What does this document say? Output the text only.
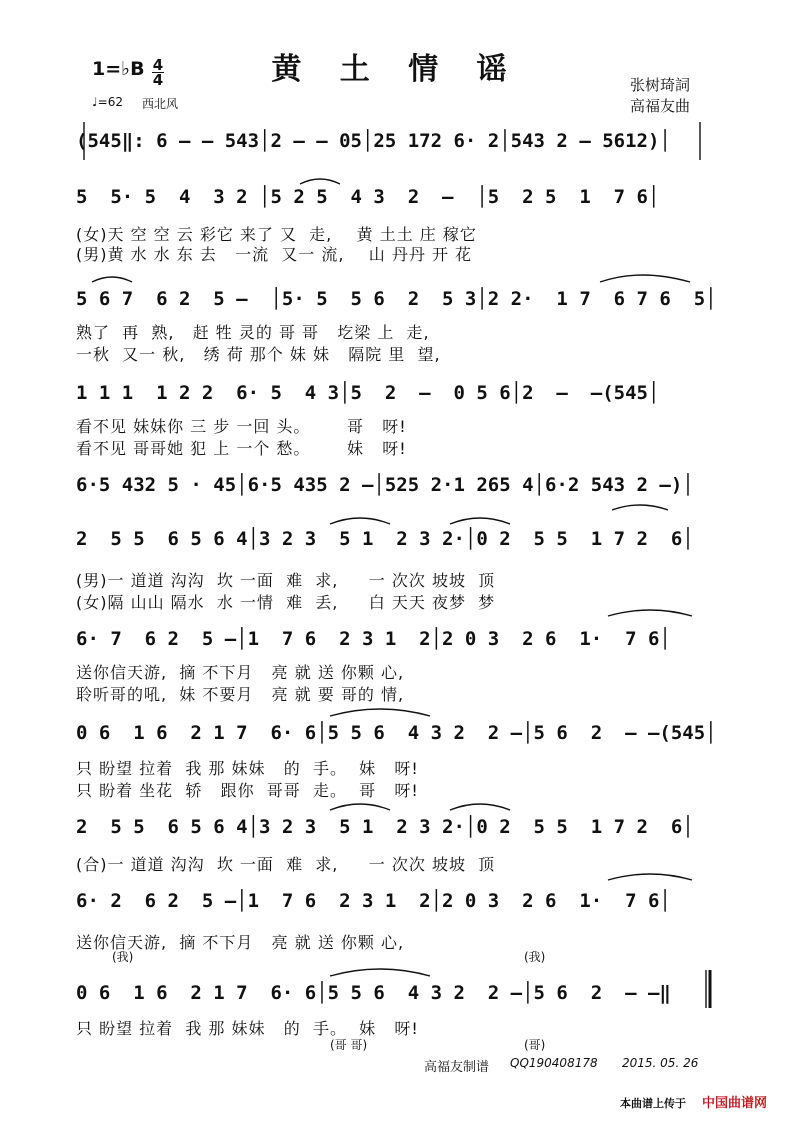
黄 土 情 谣
1=♭B 4
4
♩=62 西北风
张树琦詞
高福友曲
(545‖: 6 – – 543│2 – – 05│25 172 6· 2│543 2 – 5612)│
5  5· 5  4  3 2 │5 2 5  4 3  2  –  │5  2 5  1  7 6│
5 6 7  6 2  5 –  │5· 5  5 6  2  5 3│2 2·  1 7  6 7 6  5│
1 1 1  1 2 2  6· 5  4 3│5  2  –  0 5 6│2  –  –(545│
6·5 432 5 · 45│6·5 435 2 –│525 2·1 265 4│6·2 543 2 –)│
2  5 5  6 5 6 4│3 2 3  5 1  2 3 2·│0 2  5 5  1 7 2  6│
6· 7  6 2  5 –│1  7 6  2 3 1  2│2 0 3  2 6  1·  7 6│
0 6  1 6  2 1 7  6· 6│5 5 6  4 3 2  2 –│5 6  2  – –(545│
2  5 5  6 5 6 4│3 2 3  5 1  2 3 2·│0 2  5 5  1 7 2  6│
6· 2  6 2  5 –│1  7 6  2 3 1  2│2 0 3  2 6  1·  7 6│
0 6  1 6  2 1 7  6· 6│5 5 6  4 3 2  2 –│5 6  2  – –‖
(女)天 空 空 云 彩它 来了 又  走,    黄 土土 庄 稼它
(男)黄 水 水 东 去   一流  又一 流,    山 丹丹 开 花
熟了  再  熟,   赶 牲 灵的 哥 哥   圪梁 上  走,
一秋  又一 秋,   绣 荷 那个 妹 妹   隔院 里  望,
看不见 妹妹你 三 步 一回 头。      哥   呀!
看不见 哥哥她 犯 上 一个 愁。      妹   呀!
(男)一 道道 沟沟  坎 一面  难  求,     一 次次 坡坡  顶
(女)隔 山山 隔水  水 一情  难  丢,     白 天天 夜梦  梦
送你信天游,  摘 不下月   亮 就 送 你颗 心,
聆听哥的吼,  妹 不要月   亮 就 要 哥的 情,
只 盼望 拉着  我 那 妹妹   的  手。  妹   呀!
只 盼着 坐花  轿   跟你  哥哥  走。  哥   呀!
(合)一 道道 沟沟  坎 一面  难  求,     一 次次 坡坡  顶
送你信天游,  摘 不下月   亮 就 送 你颗 心,
只 盼望 拉着  我 那 妹妹   的  手。  妹   呀!
(我)	(我)
(哥 哥)	(哥)
高福友制谱 QQ190408178 2015. 05. 26
本曲谱上传于 中国曲谱网
